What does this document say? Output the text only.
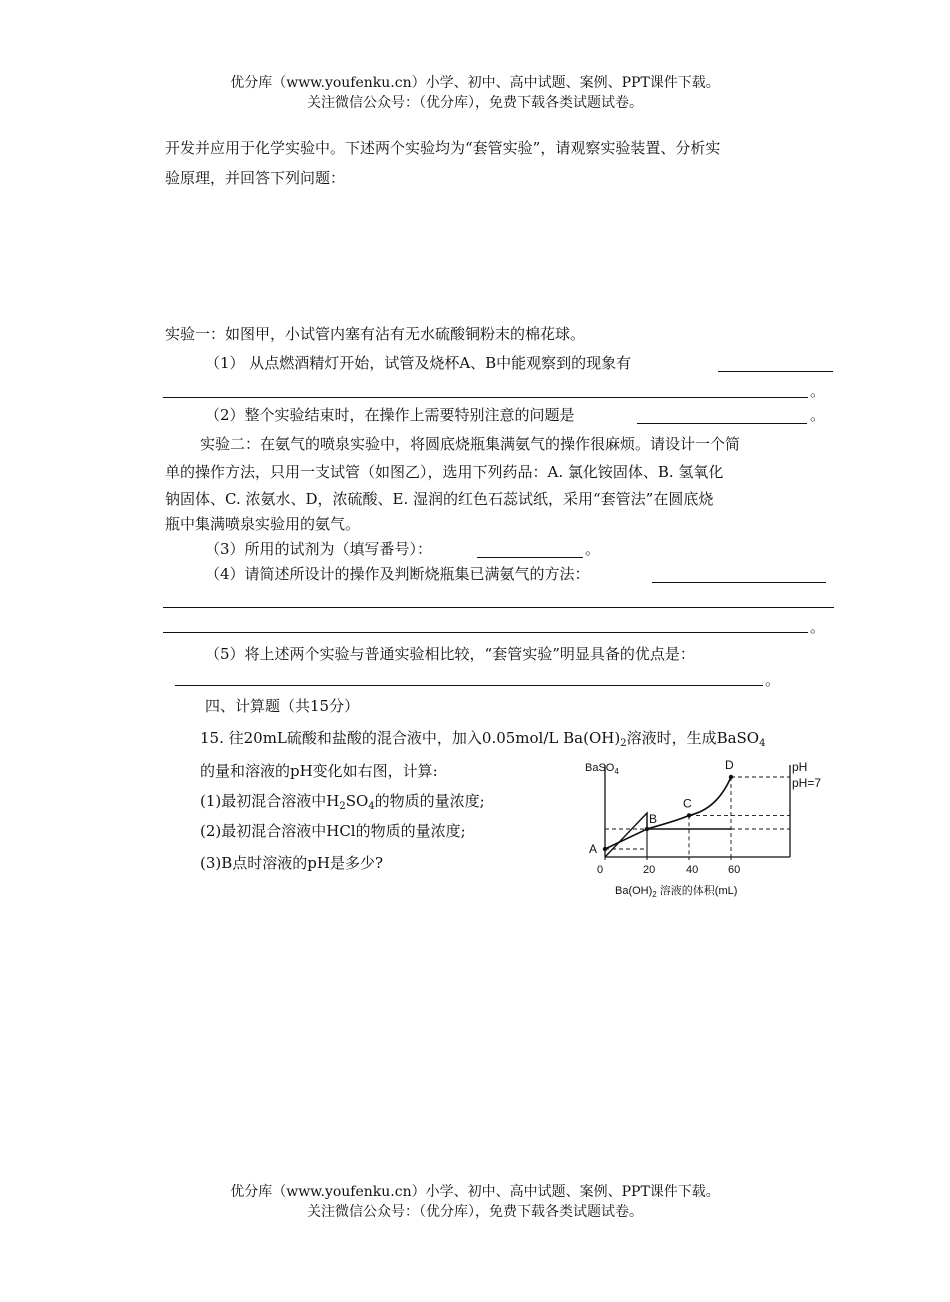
优分库（www.youfenku.cn）小学、初中、高中试题、案例、PPT课件下载。
关注微信公众号：（优分库），免费下载各类试题试卷。
开发并应用于化学实验中。下述两个实验均为“套管实验”，请观察实验装置、分析实
验原理，并回答下列问题：
实验一：如图甲，小试管内塞有沾有无水硫酸铜粉末的棉花球。
（1） 从点燃酒精灯开始，试管及烧杯A、B中能观察到的现象有
。
（2）整个实验结束时，在操作上需要特别注意的问题是	。
实验二：在氨气的喷泉实验中，将圆底烧瓶集满氨气的操作很麻烦。请设计一个简
单的操作方法，只用一支试管（如图乙），选用下列药品：A. 氯化铵固体、B. 氢氧化
钠固体、C. 浓氨水、D，浓硫酸、E. 湿润的红色石蕊试纸，采用“套管法”在圆底烧
瓶中集满喷泉实验用的氨气。
（3）所用的试剂为（填写番号）：	。
（4）请简述所设计的操作及判断烧瓶集已满氨气的方法：
。
（5）将上述两个实验与普通实验相比较，“套管实验”明显具备的优点是：
。
四、计算题（共15分）
15. 往20mL硫酸和盐酸的混合液中，加入0.05mol/L $Ba(OH)_2$溶液时，生成BaSO$_4$
的量和溶液的pH变化如右图，计算:
(1)最初混合溶液中$H_2SO_4$的物质的量浓度;
(2)最初混合溶液中HCl的物质的量浓度;
(3)B点时溶液的pH是多少?
BaSO$_4$	pH
pH=7
A
B
C
D
0	20	40	60
$Ba(OH)_2$ 溶液的体积(mL)
优分库（www.youfenku.cn）小学、初中、高中试题、案例、PPT课件下载。
关注微信公众号：（优分库），免费下载各类试题试卷。
